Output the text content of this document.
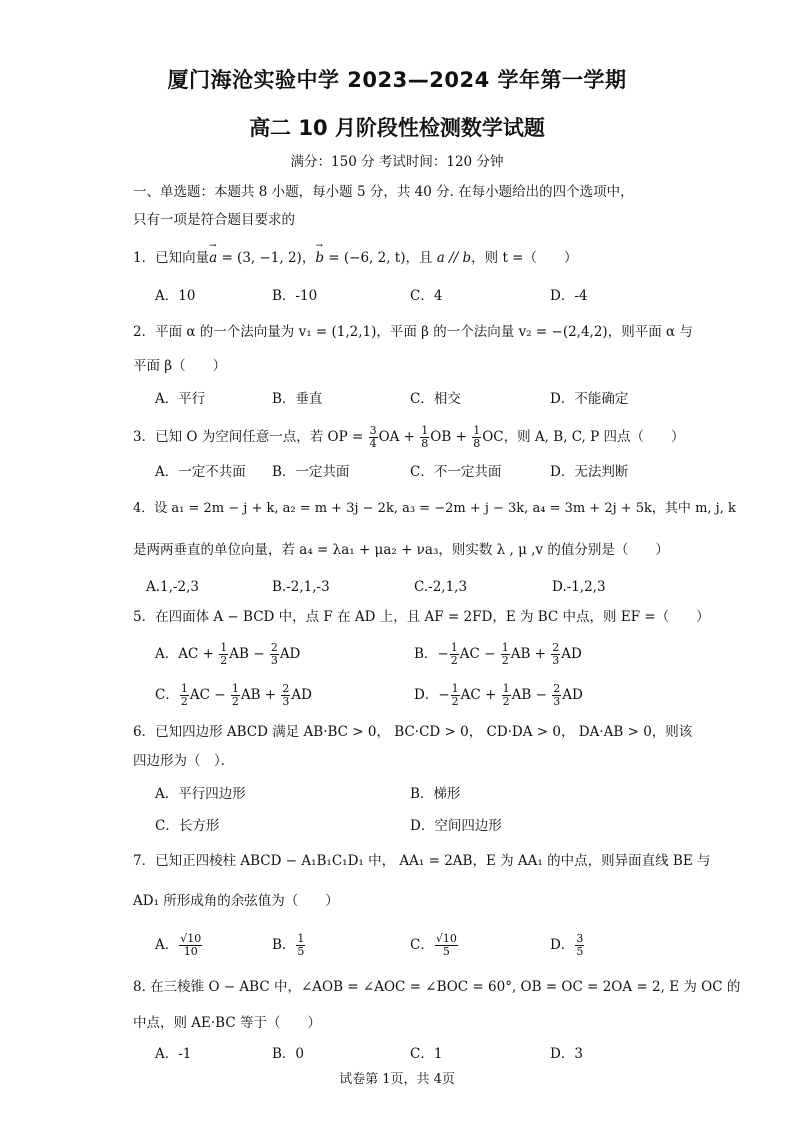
厦门海沧实验中学 2023—2024 学年第一学期
高二 10 月阶段性检测数学试题
满分：150 分 考试时间：120 分钟
一、单选题：本题共 8 小题，每小题 5 分，共 40 分. 在每小题给出的四个选项中，
只有一项是符合题目要求的
1．已知向量→ a = (3, −1, 2)，→ b = (−6, 2, t)，且 a // b，则 t =（　　）
A．10	B．-10	C．4	D．-4
2．平面 α 的一个法向量为 v₁ = (1,2,1)，平面 β 的一个法向量 v₂ = −(2,4,2)，则平面 α 与
平面 β（　　）
A．平行	B．垂直	C．相交	D．不能确定
3．已知 O 为空间任意一点，若 OP = $\frac{3}{4}$ OA + $\frac{1}{8}$ OB + $\frac{1}{8}$ OC，则 A, B, C, P 四点（　　）
A．一定不共面 B．一定共面	C．不一定共面	D．无法判断
4．设 a₁ = 2m − j + k, a₂ = m + 3j − 2k, a₃ = −2m + j − 3k, a₄ = 3m + 2j + 5k，其中 m, j, k
是两两垂直的单位向量，若 a₄ = λa₁ + μa₂ + νa₃，则实数 λ , μ ,v 的值分别是（　　）
A.1,-2,3	B.-2,1,-3	C.-2,1,3	D.-1,2,3
5．在四面体 A − BCD 中，点 F 在 AD 上，且 AF = 2FD，E 为 BC 中点，则 EF =（　　）
A．AC + $\frac{1}{2}$ AB − $\frac{2}{3}$ AD	B．− $\frac{1}{2}$ AC − $\frac{1}{2}$ AB + $\frac{2}{3}$ AD
C． $\frac{1}{2}$ AC − $\frac{1}{2}$ AB + $\frac{2}{3}$ AD	D．− $\frac{1}{2}$ AC + $\frac{1}{2}$ AB − $\frac{2}{3}$ AD
6．已知四边形 ABCD 满足 AB·BC > 0， BC·CD > 0， CD·DA > 0， DA·AB > 0，则该
四边形为（　）．
A．平行四边形	B．梯形
C．长方形	D．空间四边形
7．已知正四棱柱 ABCD − A₁B₁C₁D₁ 中， AA₁ = 2AB，E 为 AA₁ 的中点，则异面直线 BE 与
AD₁ 所形成角的余弦值为（　　）
A． $\frac{√10}{10}$	B． $\frac{1}{5}$	C． $\frac{√10}{5}$	D． $\frac{3}{5}$
8. 在三棱锥 O − ABC 中，∠AOB = ∠AOC = ∠BOC = 60°, OB = OC = 2OA = 2, E 为 OC 的
中点，则 AE·BC 等于（　　）
A．-1	B．0	C．1	D．3
试卷第 1页，共 4页
